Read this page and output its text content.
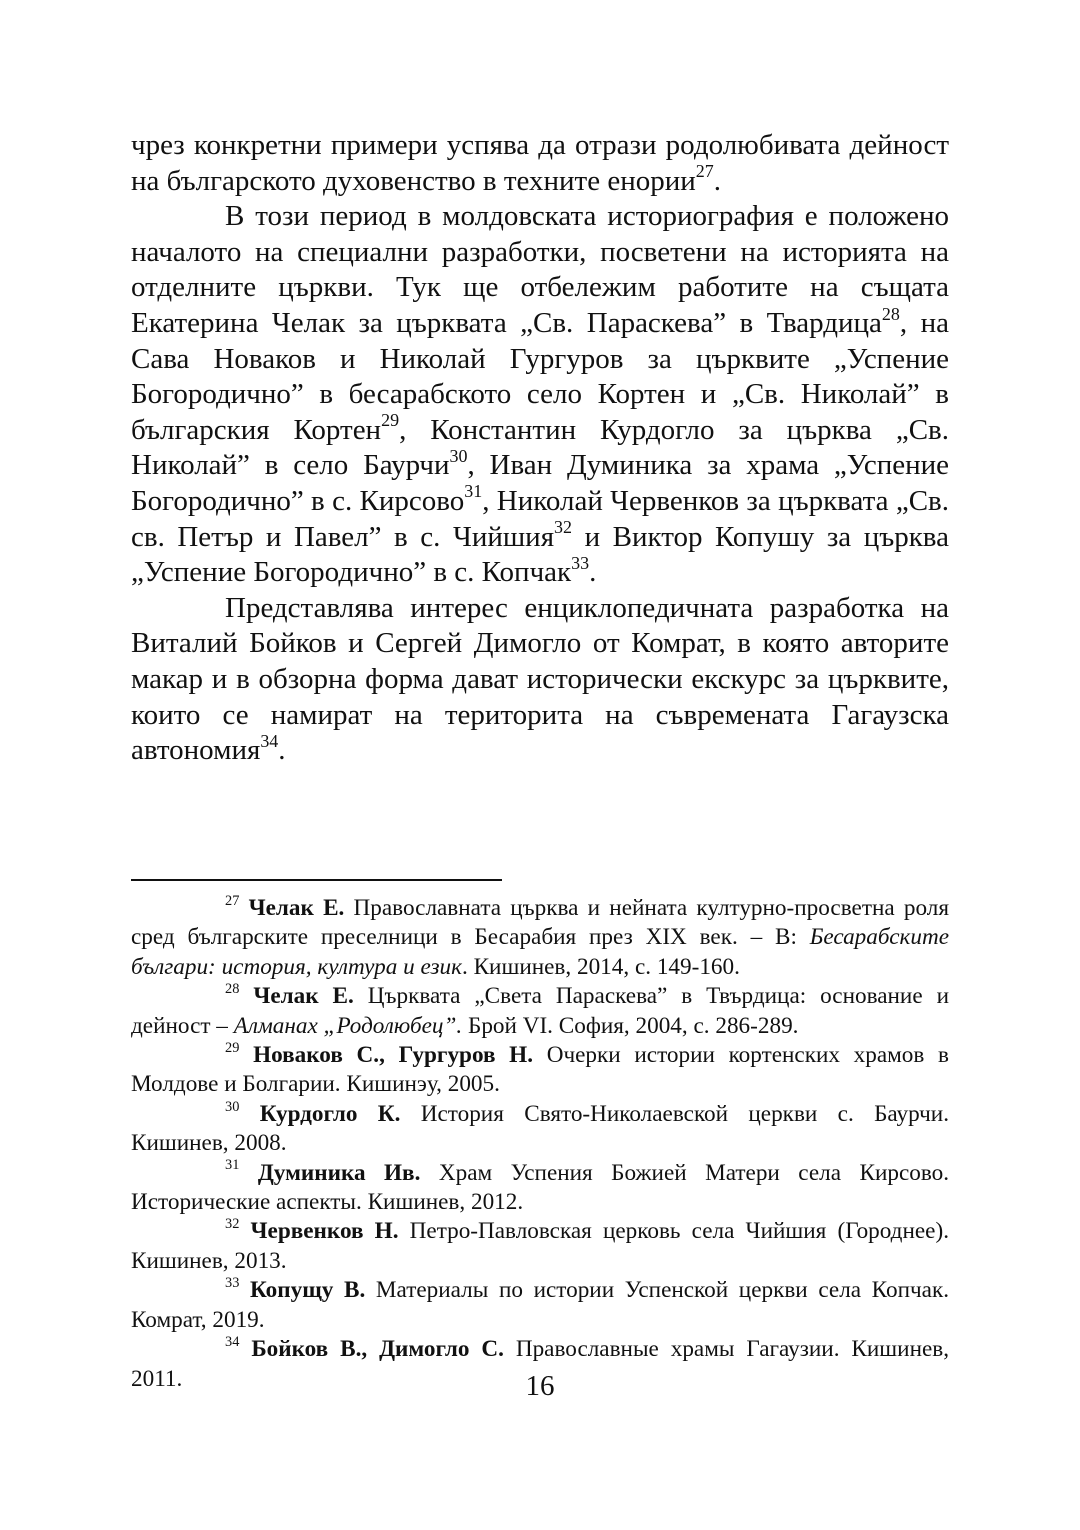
чрез конкретни примери успява да отрази родолюбивата дейност на българското духовенство в техните енории$^{27}$.

В този период в молдовската историография е положено началото на специални разработки, посветени на историята на отделните църкви. Тук ще отбележим работите на същата Екатерина Челак за църквата „Св. Параскева” в Твардица$^{28}$, на Сава Новаков и Николай Гургуров за църквите „Успение Богородично” в бесарабското село Кортен и „Св. Николай” в българския Кортен$^{29}$, Константин Курдогло за църква „Св. Николай” в село Баурчи$^{30}$, Иван Думиника за храма „Успение Богородично” в с. Кирсово$^{31}$, Николай Червенков за църквата „Св. св. Петър и Павел” в с. Чийшия$^{32}$ и Виктор Копушу за църква „Успение Богородично” в с. Копчак$^{33}$.

Представлява интерес енциклопедичната разработка на Виталий Бойков и Сергей Димогло от Комрат, в която авторите макар и в обзорна форма дават исторически екскурс за църквите, които се намират на територита на съвремената Гагаузска автономия$^{34}$.

$^{27}$ Челак Е. Православната църква и нейната културно-просветна роля сред българските преселници в Бесарабия през XIX век. – В: Бесарабските българи: история, култура и език. Кишинев, 2014, с. 149-160.

$^{28}$ Челак Е. Църквата „Света Параскева” в Твърдица: основание и дейност – Алманах „Родолюбец”. Брой VI. София, 2004, с. 286-289.

$^{29}$ Новаков С., Гургуров Н. Очерки истории кортенских храмов в Молдове и Болгарии. Кишинэу, 2005.

$^{30}$ Курдогло К. История Свято-Николаевской церкви с. Баурчи. Кишинев, 2008.

$^{31}$ Думиника Ив. Храм Успения Божией Матери села Кирсово. Исторические аспекты. Кишинев, 2012.

$^{32}$ Червенков Н. Петро-Павловская церковь села Чийшия (Городнее). Кишинев, 2013.

$^{33}$ Копущу В. Материалы по истории Успенской церкви села Копчак. Комрат, 2019.

$^{34}$ Бойков В., Димогло С. Православные храмы Гагаузии. Кишинев, 2011.	16
